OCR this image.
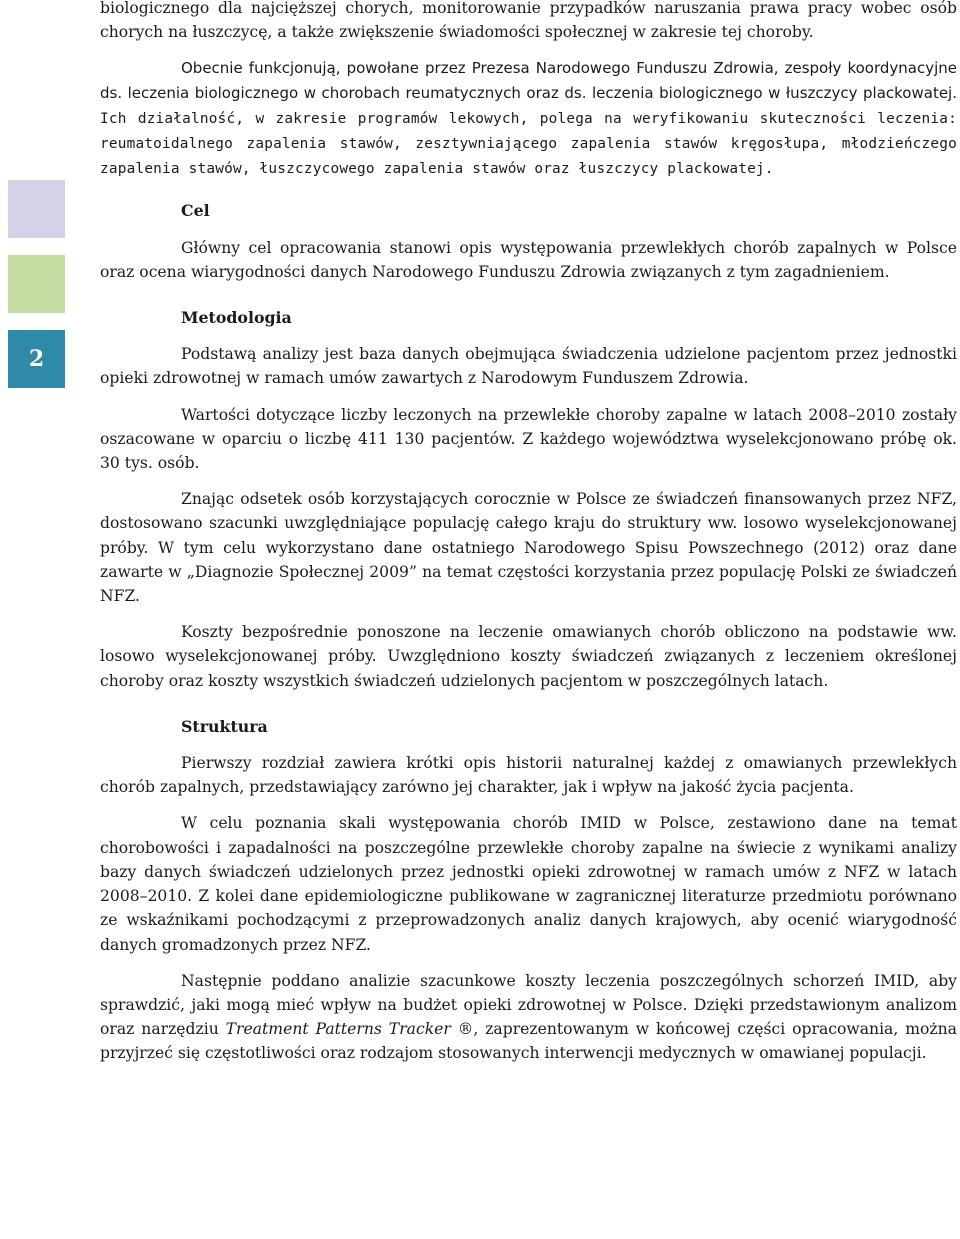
2

biologicznego dla najcięższej chorych, monitorowanie przypadków naruszania prawa pracy wobec osób chorych na łuszczycę, a także zwiększenie świadomości społecznej w zakresie tej choroby.

Obecnie funkcjonują, powołane przez Prezesa Narodowego Funduszu Zdrowia, zespoły koordynacyjne ds. leczenia biologicznego w chorobach reumatycznych oraz ds. leczenia biologicznego w łuszczycy plackowatej. Ich działalność, w zakresie programów lekowych, polega na weryfikowaniu skuteczności leczenia: reumatoidalnego zapalenia stawów, zesztywniającego zapalenia stawów kręgosłupa, młodzieńczego zapalenia stawów, łuszczycowego zapalenia stawów oraz łuszczycy plackowatej.

Cel

Główny cel opracowania stanowi opis występowania przewlekłych chorób zapalnych w Polsce oraz ocena wiarygodności danych Narodowego Funduszu Zdrowia związanych z tym zagadnieniem.

Metodologia

Podstawą analizy jest baza danych obejmująca świadczenia udzielone pacjentom przez jednostki opieki zdrowotnej w ramach umów zawartych z Narodowym Funduszem Zdrowia.

Wartości dotyczące liczby leczonych na przewlekłe choroby zapalne w latach 2008–2010 zostały oszacowane w oparciu o liczbę 411 130 pacjentów. Z każdego województwa wyselekcjonowano próbę ok. 30 tys. osób.

Znając odsetek osób korzystających corocznie w Polsce ze świadczeń finansowanych przez NFZ, dostosowano szacunki uwzględniające populację całego kraju do struktury ww. losowo wyselekcjonowanej próby. W tym celu wykorzystano dane ostatniego Narodowego Spisu Powszechnego (2012) oraz dane zawarte w „Diagnozie Społecznej 2009” na temat częstości korzystania przez populację Polski ze świadczeń NFZ.

Koszty bezpośrednie ponoszone na leczenie omawianych chorób obliczono na podstawie ww. losowo wyselekcjonowanej próby. Uwzględniono koszty świadczeń związanych z leczeniem określonej choroby oraz koszty wszystkich świadczeń udzielonych pacjentom w poszczególnych latach.

Struktura

Pierwszy rozdział zawiera krótki opis historii naturalnej każdej z omawianych przewlekłych chorób zapalnych, przedstawiający zarówno jej charakter, jak i wpływ na jakość życia pacjenta.

W celu poznania skali występowania chorób IMID w Polsce, zestawiono dane na temat chorobowości i zapadalności na poszczególne przewlekłe choroby zapalne na świecie z wynikami analizy bazy danych świadczeń udzielonych przez jednostki opieki zdrowotnej w ramach umów z NFZ w latach 2008–2010. Z kolei dane epidemiologiczne publikowane w zagranicznej literaturze przedmiotu porównano ze wskaźnikami pochodzącymi z przeprowadzonych analiz danych krajowych, aby ocenić wiarygodność danych gromadzonych przez NFZ.

Następnie poddano analizie szacunkowe koszty leczenia poszczególnych schorzeń IMID, aby sprawdzić, jaki mogą mieć wpływ na budżet opieki zdrowotnej w Polsce. Dzięki przedstawionym analizom oraz narzędziu Treatment Patterns Tracker ®, zaprezentowanym w końcowej części opracowania, można przyjrzeć się częstotliwości oraz rodzajom stosowanych interwencji medycznych w omawianej populacji.
